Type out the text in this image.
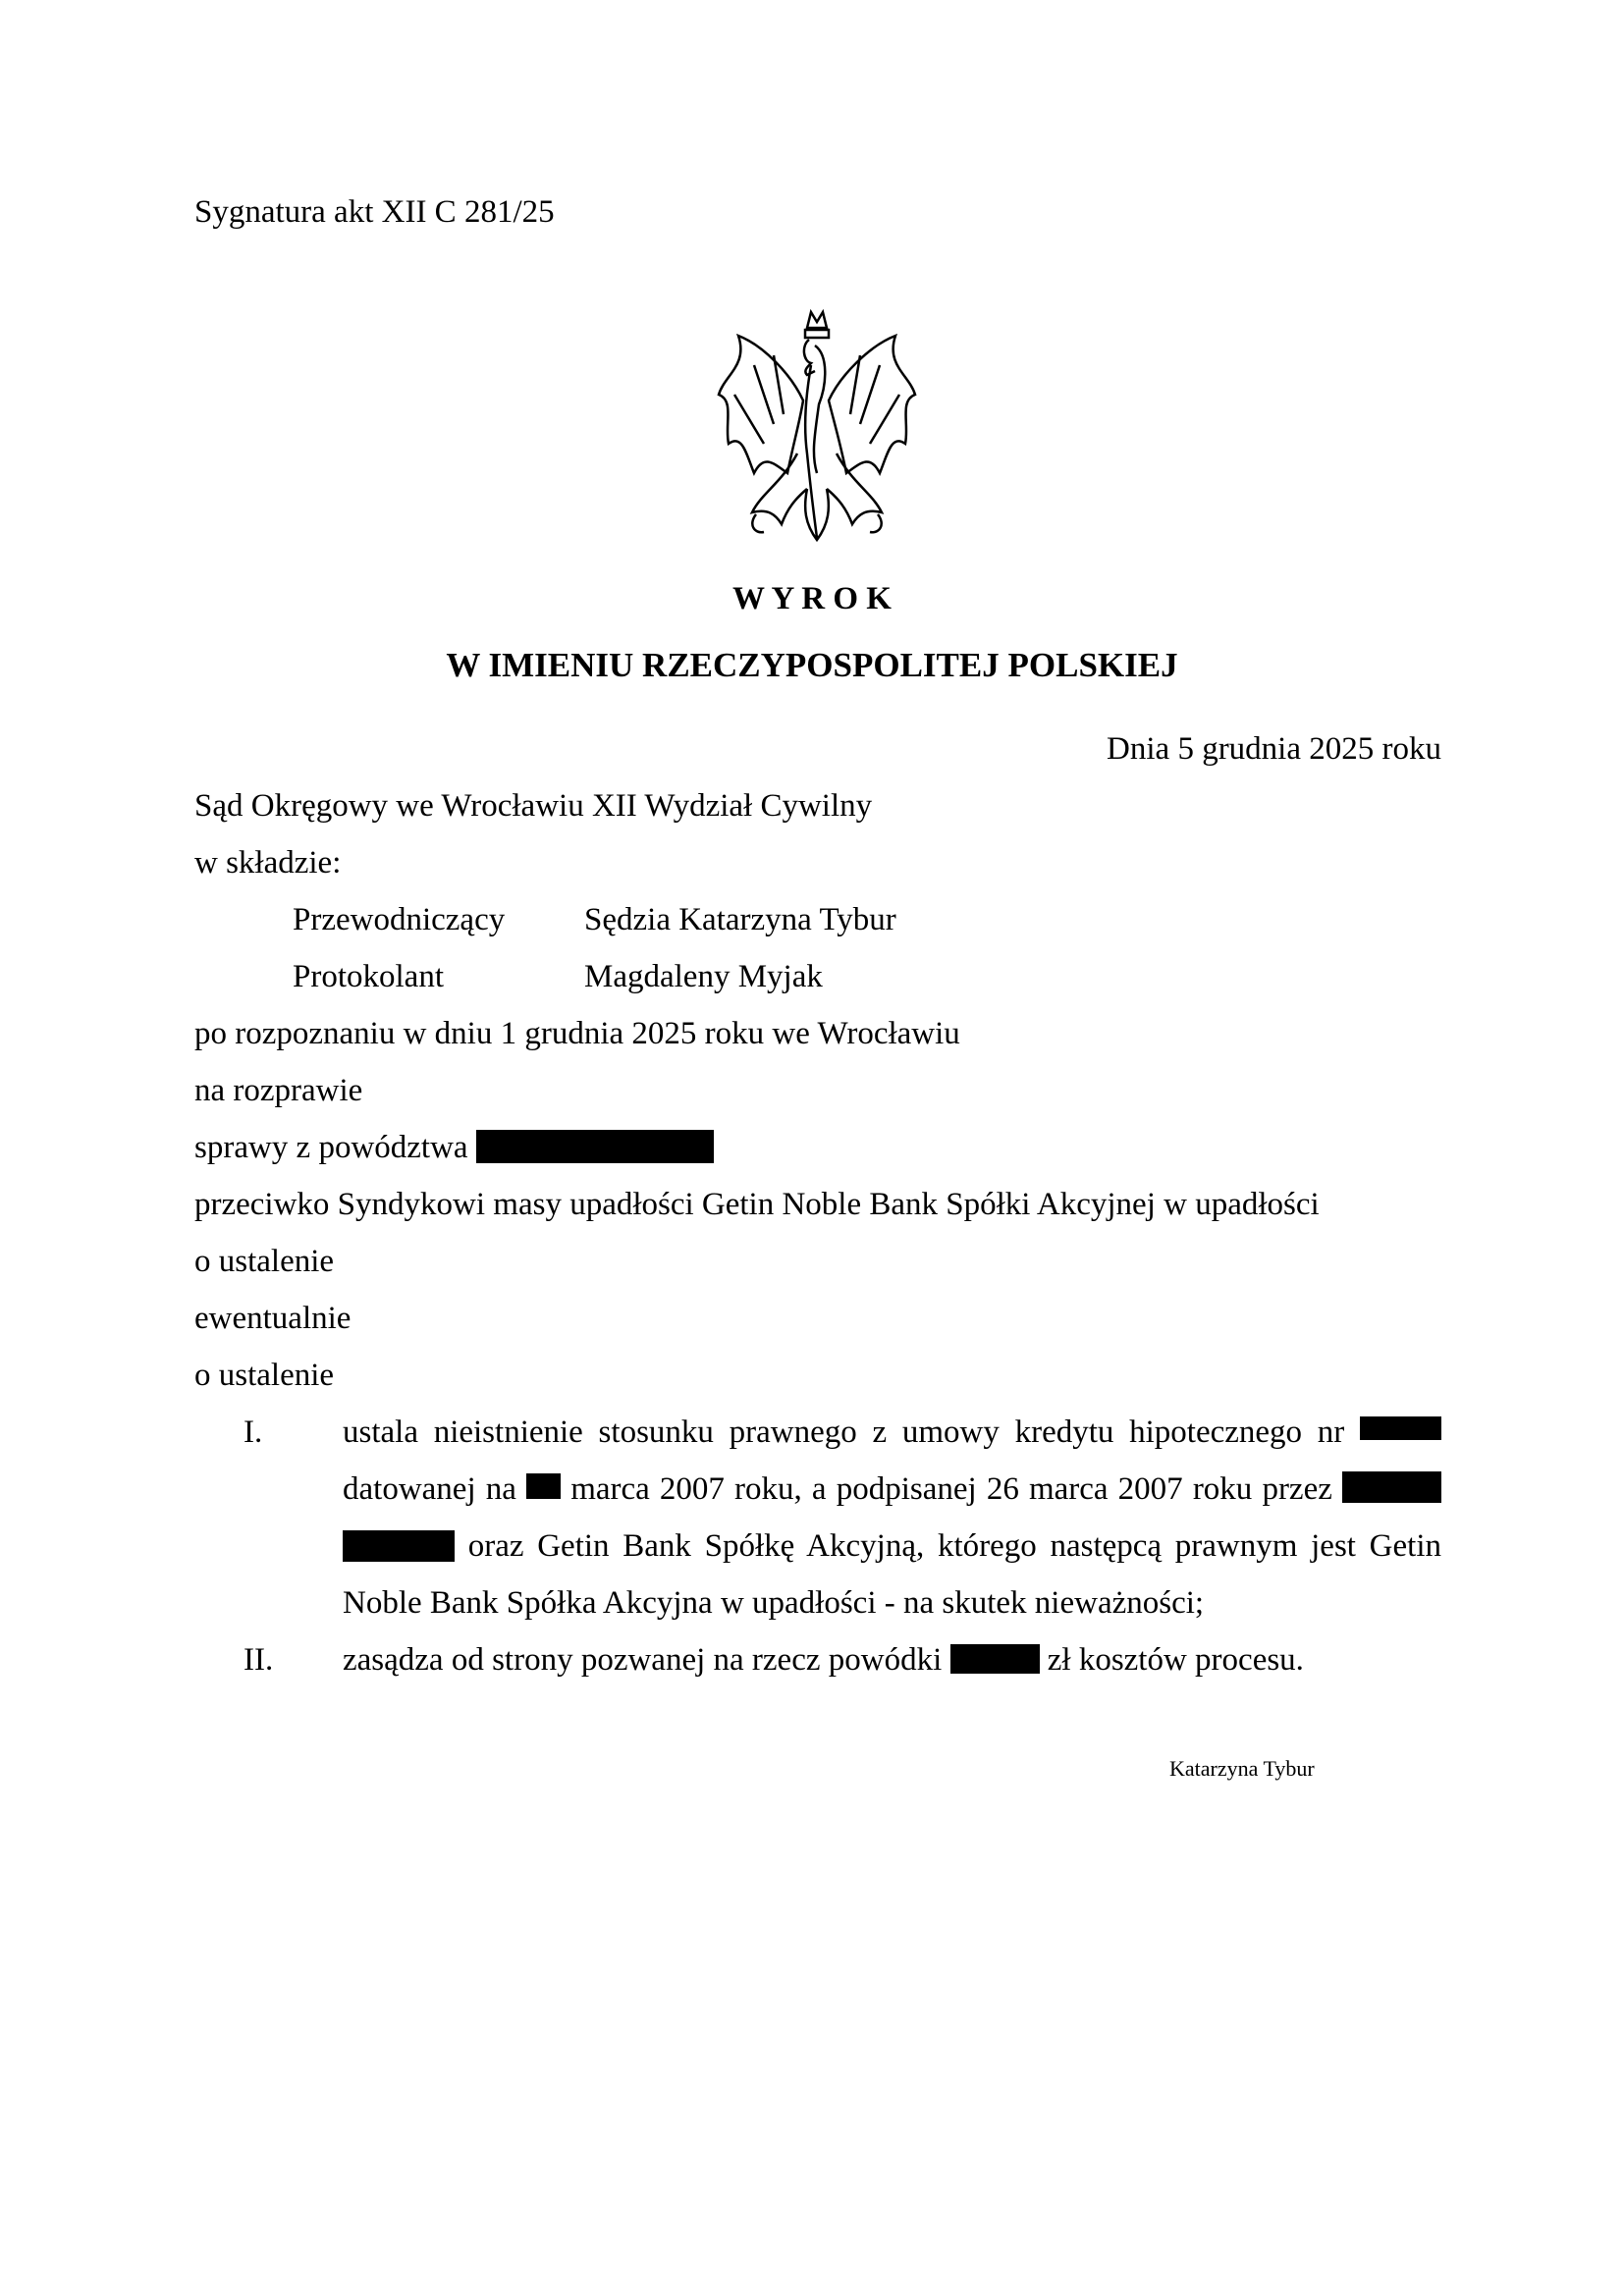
Sygnatura akt XII C 281/25
W Y R O K
W IMIENIU RZECZYPOSPOLITEJ POLSKIEJ
Dnia 5 grudnia 2025 roku
Sąd Okręgowy we Wrocławiu XII Wydział Cywilny
w składzie:
Przewodniczący Sędzia Katarzyna Tybur
Protokolant	Magdaleny Myjak
po rozpoznaniu w dniu 1 grudnia 2025 roku we Wrocławiu
na rozprawie
sprawy z powództwa
przeciwko Syndykowi masy upadłości Getin Noble Bank Spółki Akcyjnej w upadłości
o ustalenie
ewentualnie
o ustalenie
I. ustala nieistnienie stosunku prawnego z umowy kredytu hipotecznego nr
datowanej na marca 2007 roku, a podpisanej 26 marca 2007 roku przez
oraz Getin Bank Spółkę Akcyjną, którego następcą prawnym jest Getin
Noble Bank Spółka Akcyjna w upadłości - na skutek nieważności;
II. zasądza od strony pozwanej na rzecz powódki	zł kosztów procesu.
Katarzyna Tybur
